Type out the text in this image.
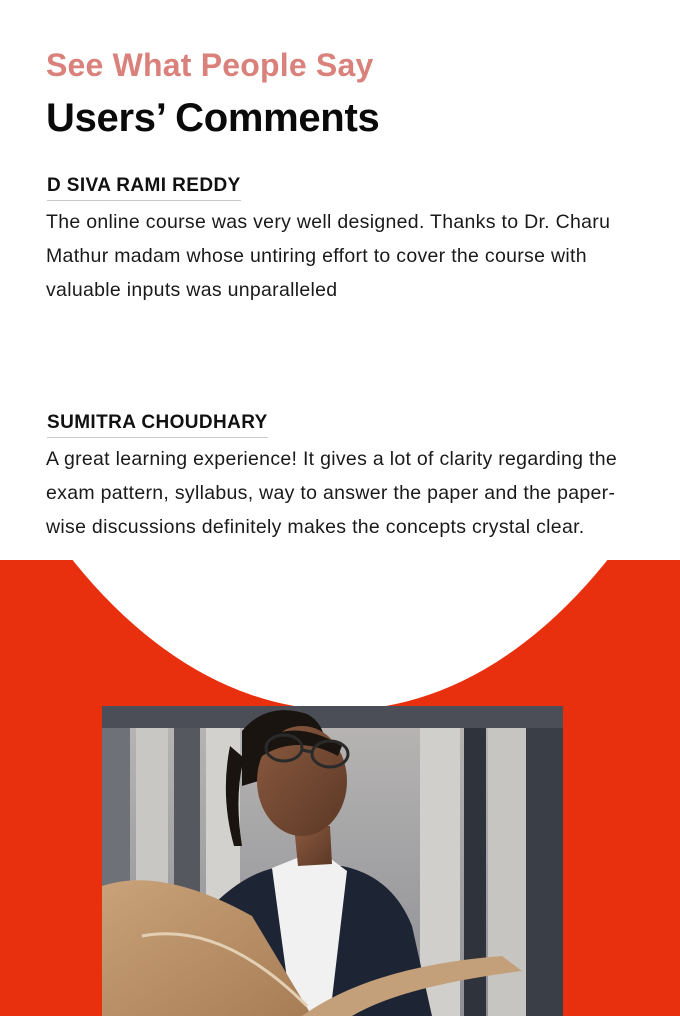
See What People Say
Users’ Comments
D SIVA RAMI REDDY

The online course was very well designed. Thanks to Dr. Charu Mathur madam whose untiring effort to cover the course with valuable inputs was unparalleled

SUMITRA CHOUDHARY

A great learning experience! It gives a lot of clarity regarding the exam pattern, syllabus, way to answer the paper and the paper-wise discussions definitely makes the concepts crystal clear.
